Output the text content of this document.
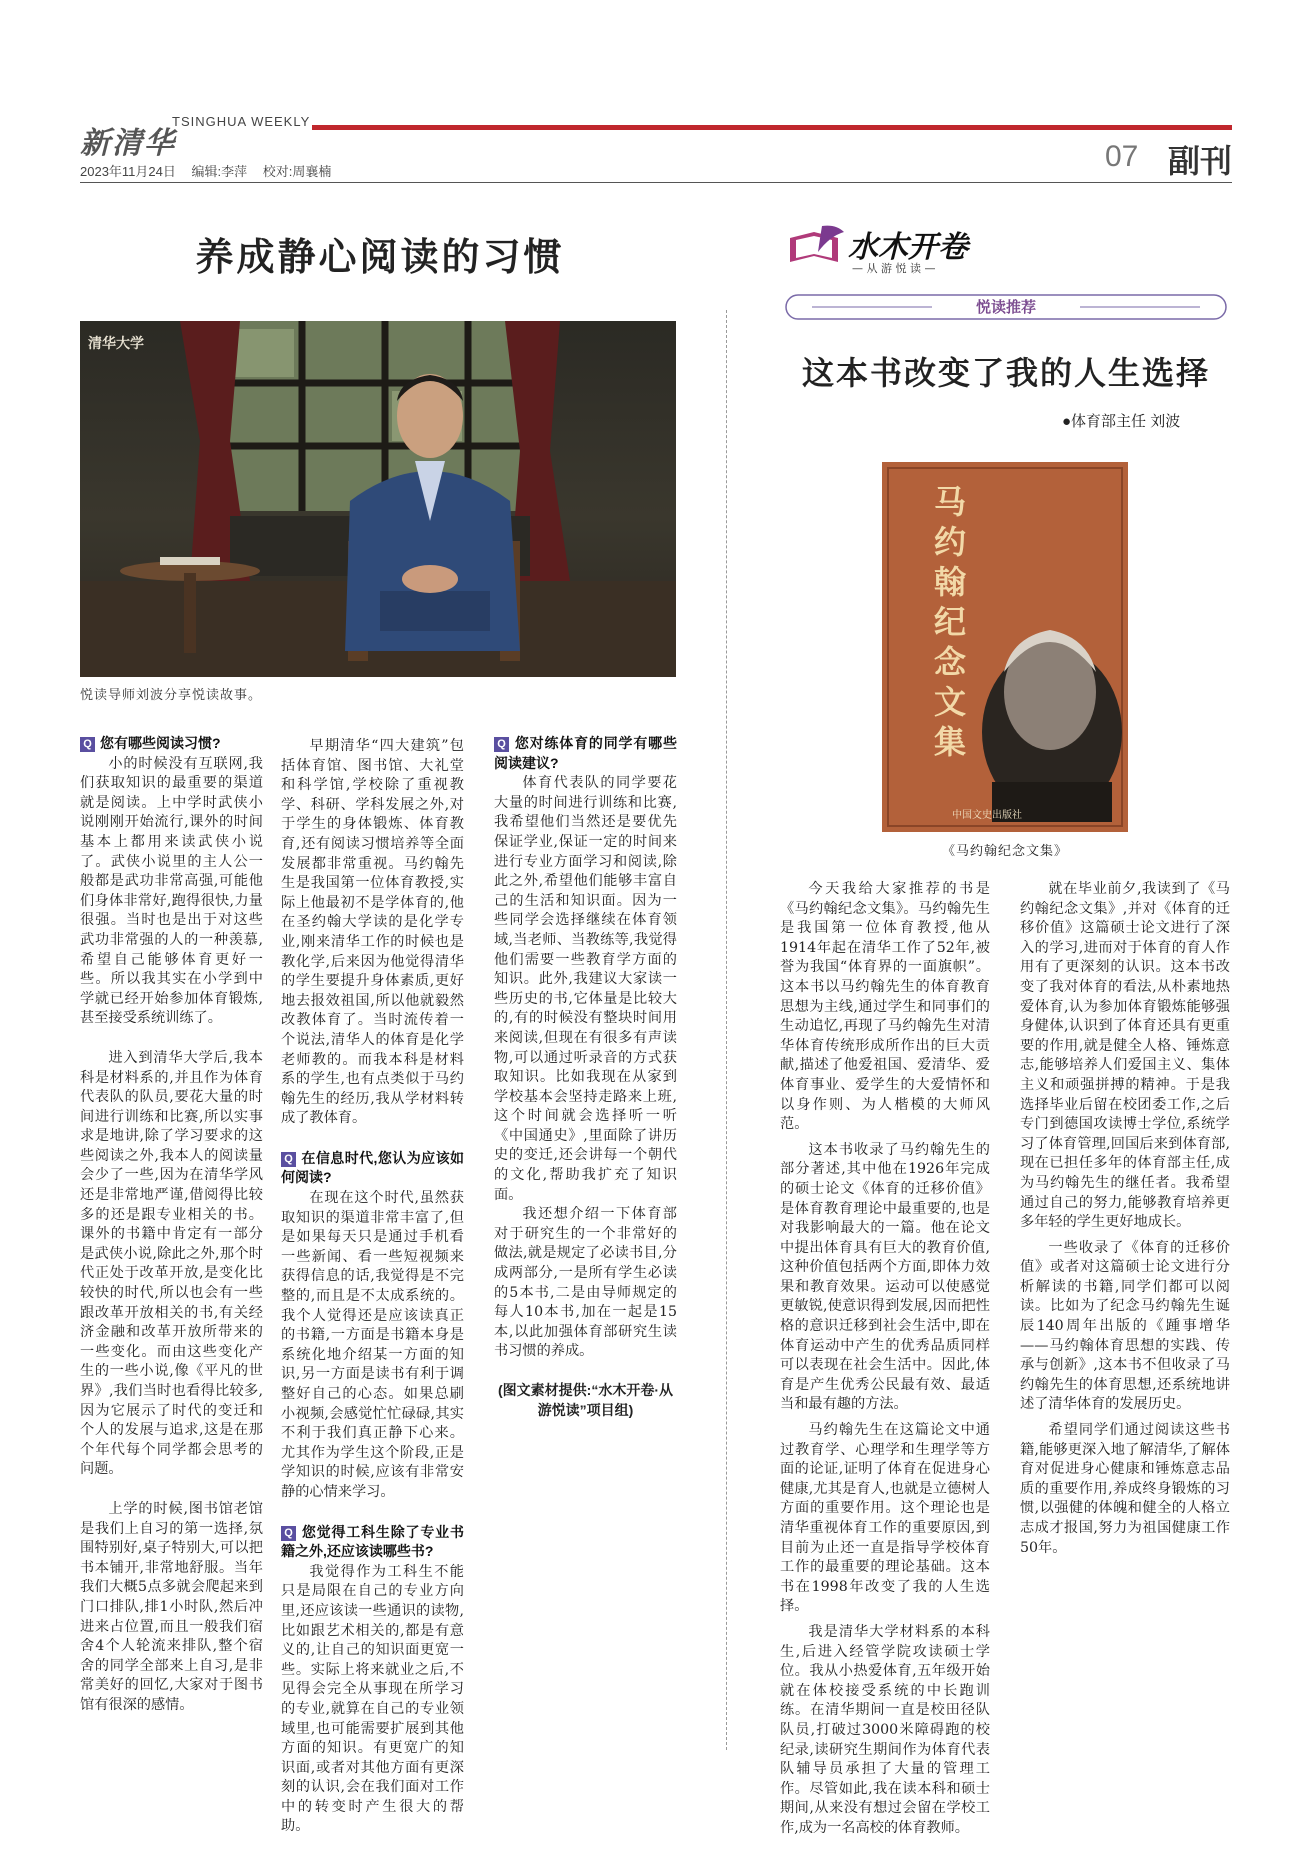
新清华
TSINGHUA WEEKLY
07 副刊
2023年11月24日 编辑:李萍 校对:周襄楠
养成静心阅读的习惯
清华大学
悦读导师刘波分享悦读故事。
Q 您有哪些阅读习惯?

小的时候没有互联网,我们获取知识的最重要的渠道就是阅读。上中学时武侠小说刚刚开始流行,课外的时间基本上都用来读武侠小说了。武侠小说里的主人公一般都是武功非常高强,可能他们身体非常好,跑得很快,力量很强。当时也是出于对这些武功非常强的人的一种羡慕,希望自己能够体育更好一些。所以我其实在小学到中学就已经开始参加体育锻炼,甚至接受系统训练了。

进入到清华大学后,我本科是材料系的,并且作为体育代表队的队员,要花大量的时间进行训练和比赛,所以实事求是地讲,除了学习要求的这些阅读之外,我本人的阅读量会少了一些,因为在清华学风还是非常地严谨,借阅得比较多的还是跟专业相关的书。课外的书籍中肯定有一部分是武侠小说,除此之外,那个时代正处于改革开放,是变化比较快的时代,所以也会有一些跟改革开放相关的书,有关经济金融和改革开放所带来的一些变化。而由这些变化产生的一些小说,像《平凡的世界》,我们当时也看得比较多,因为它展示了时代的变迁和个人的发展与追求,这是在那个年代每个同学都会思考的问题。

上学的时候,图书馆老馆是我们上自习的第一选择,氛围特别好,桌子特别大,可以把书本铺开,非常地舒服。当年我们大概5点多就会爬起来到门口排队,排1小时队,然后冲进来占位置,而且一般我们宿舍4个人轮流来排队,整个宿舍的同学全部来上自习,是非常美好的回忆,大家对于图书馆有很深的感情。

早期清华“四大建筑”包括体育馆、图书馆、大礼堂和科学馆,学校除了重视教学、科研、学科发展之外,对于学生的身体锻炼、体育教育,还有阅读习惯培养等全面发展都非常重视。马约翰先生是我国第一位体育教授,实际上他最初不是学体育的,他在圣约翰大学读的是化学专业,刚来清华工作的时候也是教化学,后来因为他觉得清华的学生要提升身体素质,更好地去报效祖国,所以他就毅然改教体育了。当时流传着一个说法,清华人的体育是化学老师教的。而我本科是材料系的学生,也有点类似于马约翰先生的经历,我从学材料转成了教体育。

Q 在信息时代,您认为应该如何阅读?

在现在这个时代,虽然获取知识的渠道非常丰富了,但是如果每天只是通过手机看一些新闻、看一些短视频来获得信息的话,我觉得是不完整的,而且是不太成系统的。我个人觉得还是应该读真正的书籍,一方面是书籍本身是系统化地介绍某一方面的知识,另一方面是读书有利于调整好自己的心态。如果总刷小视频,会感觉忙忙碌碌,其实不利于我们真正静下心来。尤其作为学生这个阶段,正是学知识的时候,应该有非常安静的心情来学习。

Q 您觉得工科生除了专业书籍之外,还应该读哪些书?

我觉得作为工科生不能只是局限在自己的专业方向里,还应该读一些通识的读物,比如跟艺术相关的,都是有意义的,让自己的知识面更宽一些。实际上将来就业之后,不见得会完全从事现在所学习的专业,就算在自己的专业领域里,也可能需要扩展到其他方面的知识。有更宽广的知识面,或者对其他方面有更深刻的认识,会在我们面对工作中的转变时产生很大的帮助。

Q 您对练体育的同学有哪些阅读建议?

体育代表队的同学要花大量的时间进行训练和比赛,我希望他们当然还是要优先保证学业,保证一定的时间来进行专业方面学习和阅读,除此之外,希望他们能够丰富自己的生活和知识面。因为一些同学会选择继续在体育领域,当老师、当教练等,我觉得他们需要一些教育学方面的知识。此外,我建议大家读一些历史的书,它体量是比较大的,有的时候没有整块时间用来阅读,但现在有很多有声读物,可以通过听录音的方式获取知识。比如我现在从家到学校基本会坚持走路来上班,这个时间就会选择听一听《中国通史》,里面除了讲历史的变迁,还会讲每一个朝代的文化,帮助我扩充了知识面。

我还想介绍一下体育部对于研究生的一个非常好的做法,就是规定了必读书目,分成两部分,一是所有学生必读的5本书,二是由导师规定的每人10本书,加在一起是15本,以此加强体育部研究生读书习惯的养成。

(图文素材提供:“水木开卷·从游悦读”项目组)
水木开卷
— 从 游 悦 读 —
悦读推荐
这本书改变了我的人生选择
●体育部主任 刘波
马约翰纪念文集
中国文史出版社
《马约翰纪念文集》

今天我给大家推荐的书是《马约翰纪念文集》。马约翰先生是我国第一位体育教授,他从1914年起在清华工作了52年,被誉为我国“体育界的一面旗帜”。这本书以马约翰先生的体育教育思想为主线,通过学生和同事们的生动追忆,再现了马约翰先生对清华体育传统形成所作出的巨大贡献,描述了他爱祖国、爱清华、爱体育事业、爱学生的大爱情怀和以身作则、为人楷模的大师风范。

这本书收录了马约翰先生的部分著述,其中他在1926年完成的硕士论文《体育的迁移价值》是体育教育理论中最重要的,也是对我影响最大的一篇。他在论文中提出体育具有巨大的教育价值,这种价值包括两个方面,即体力效果和教育效果。运动可以使感觉更敏锐,使意识得到发展,因而把性格的意识迁移到社会生活中,即在体育运动中产生的优秀品质同样可以表现在社会生活中。因此,体育是产生优秀公民最有效、最适当和最有趣的方法。

马约翰先生在这篇论文中通过教育学、心理学和生理学等方面的论证,证明了体育在促进身心健康,尤其是育人,也就是立德树人方面的重要作用。这个理论也是清华重视体育工作的重要原因,到目前为止还一直是指导学校体育工作的最重要的理论基础。这本书在1998年改变了我的人生选择。

我是清华大学材料系的本科生,后进入经管学院攻读硕士学位。我从小热爱体育,五年级开始就在体校接受系统的中长跑训练。在清华期间一直是校田径队队员,打破过3000米障碍跑的校纪录,读研究生期间作为体育代表队辅导员承担了大量的管理工作。尽管如此,我在读本科和硕士期间,从来没有想过会留在学校工作,成为一名高校的体育教师。

就在毕业前夕,我读到了《马约翰纪念文集》,并对《体育的迁移价值》这篇硕士论文进行了深入的学习,进而对于体育的育人作用有了更深刻的认识。这本书改变了我对体育的看法,从朴素地热爱体育,认为参加体育锻炼能够强身健体,认识到了体育还具有更重要的作用,就是健全人格、锤炼意志,能够培养人们爱国主义、集体主义和顽强拼搏的精神。于是我选择毕业后留在校团委工作,之后专门到德国攻读博士学位,系统学习了体育管理,回国后来到体育部,现在已担任多年的体育部主任,成为马约翰先生的继任者。我希望通过自己的努力,能够教育培养更多年轻的学生更好地成长。

一些收录了《体育的迁移价值》或者对这篇硕士论文进行分析解读的书籍,同学们都可以阅读。比如为了纪念马约翰先生诞辰140周年出版的《踵事增华——马约翰体育思想的实践、传承与创新》,这本书不但收录了马约翰先生的体育思想,还系统地讲述了清华体育的发展历史。

希望同学们通过阅读这些书籍,能够更深入地了解清华,了解体育对促进身心健康和锤炼意志品质的重要作用,养成终身锻炼的习惯,以强健的体魄和健全的人格立志成才报国,努力为祖国健康工作50年。
